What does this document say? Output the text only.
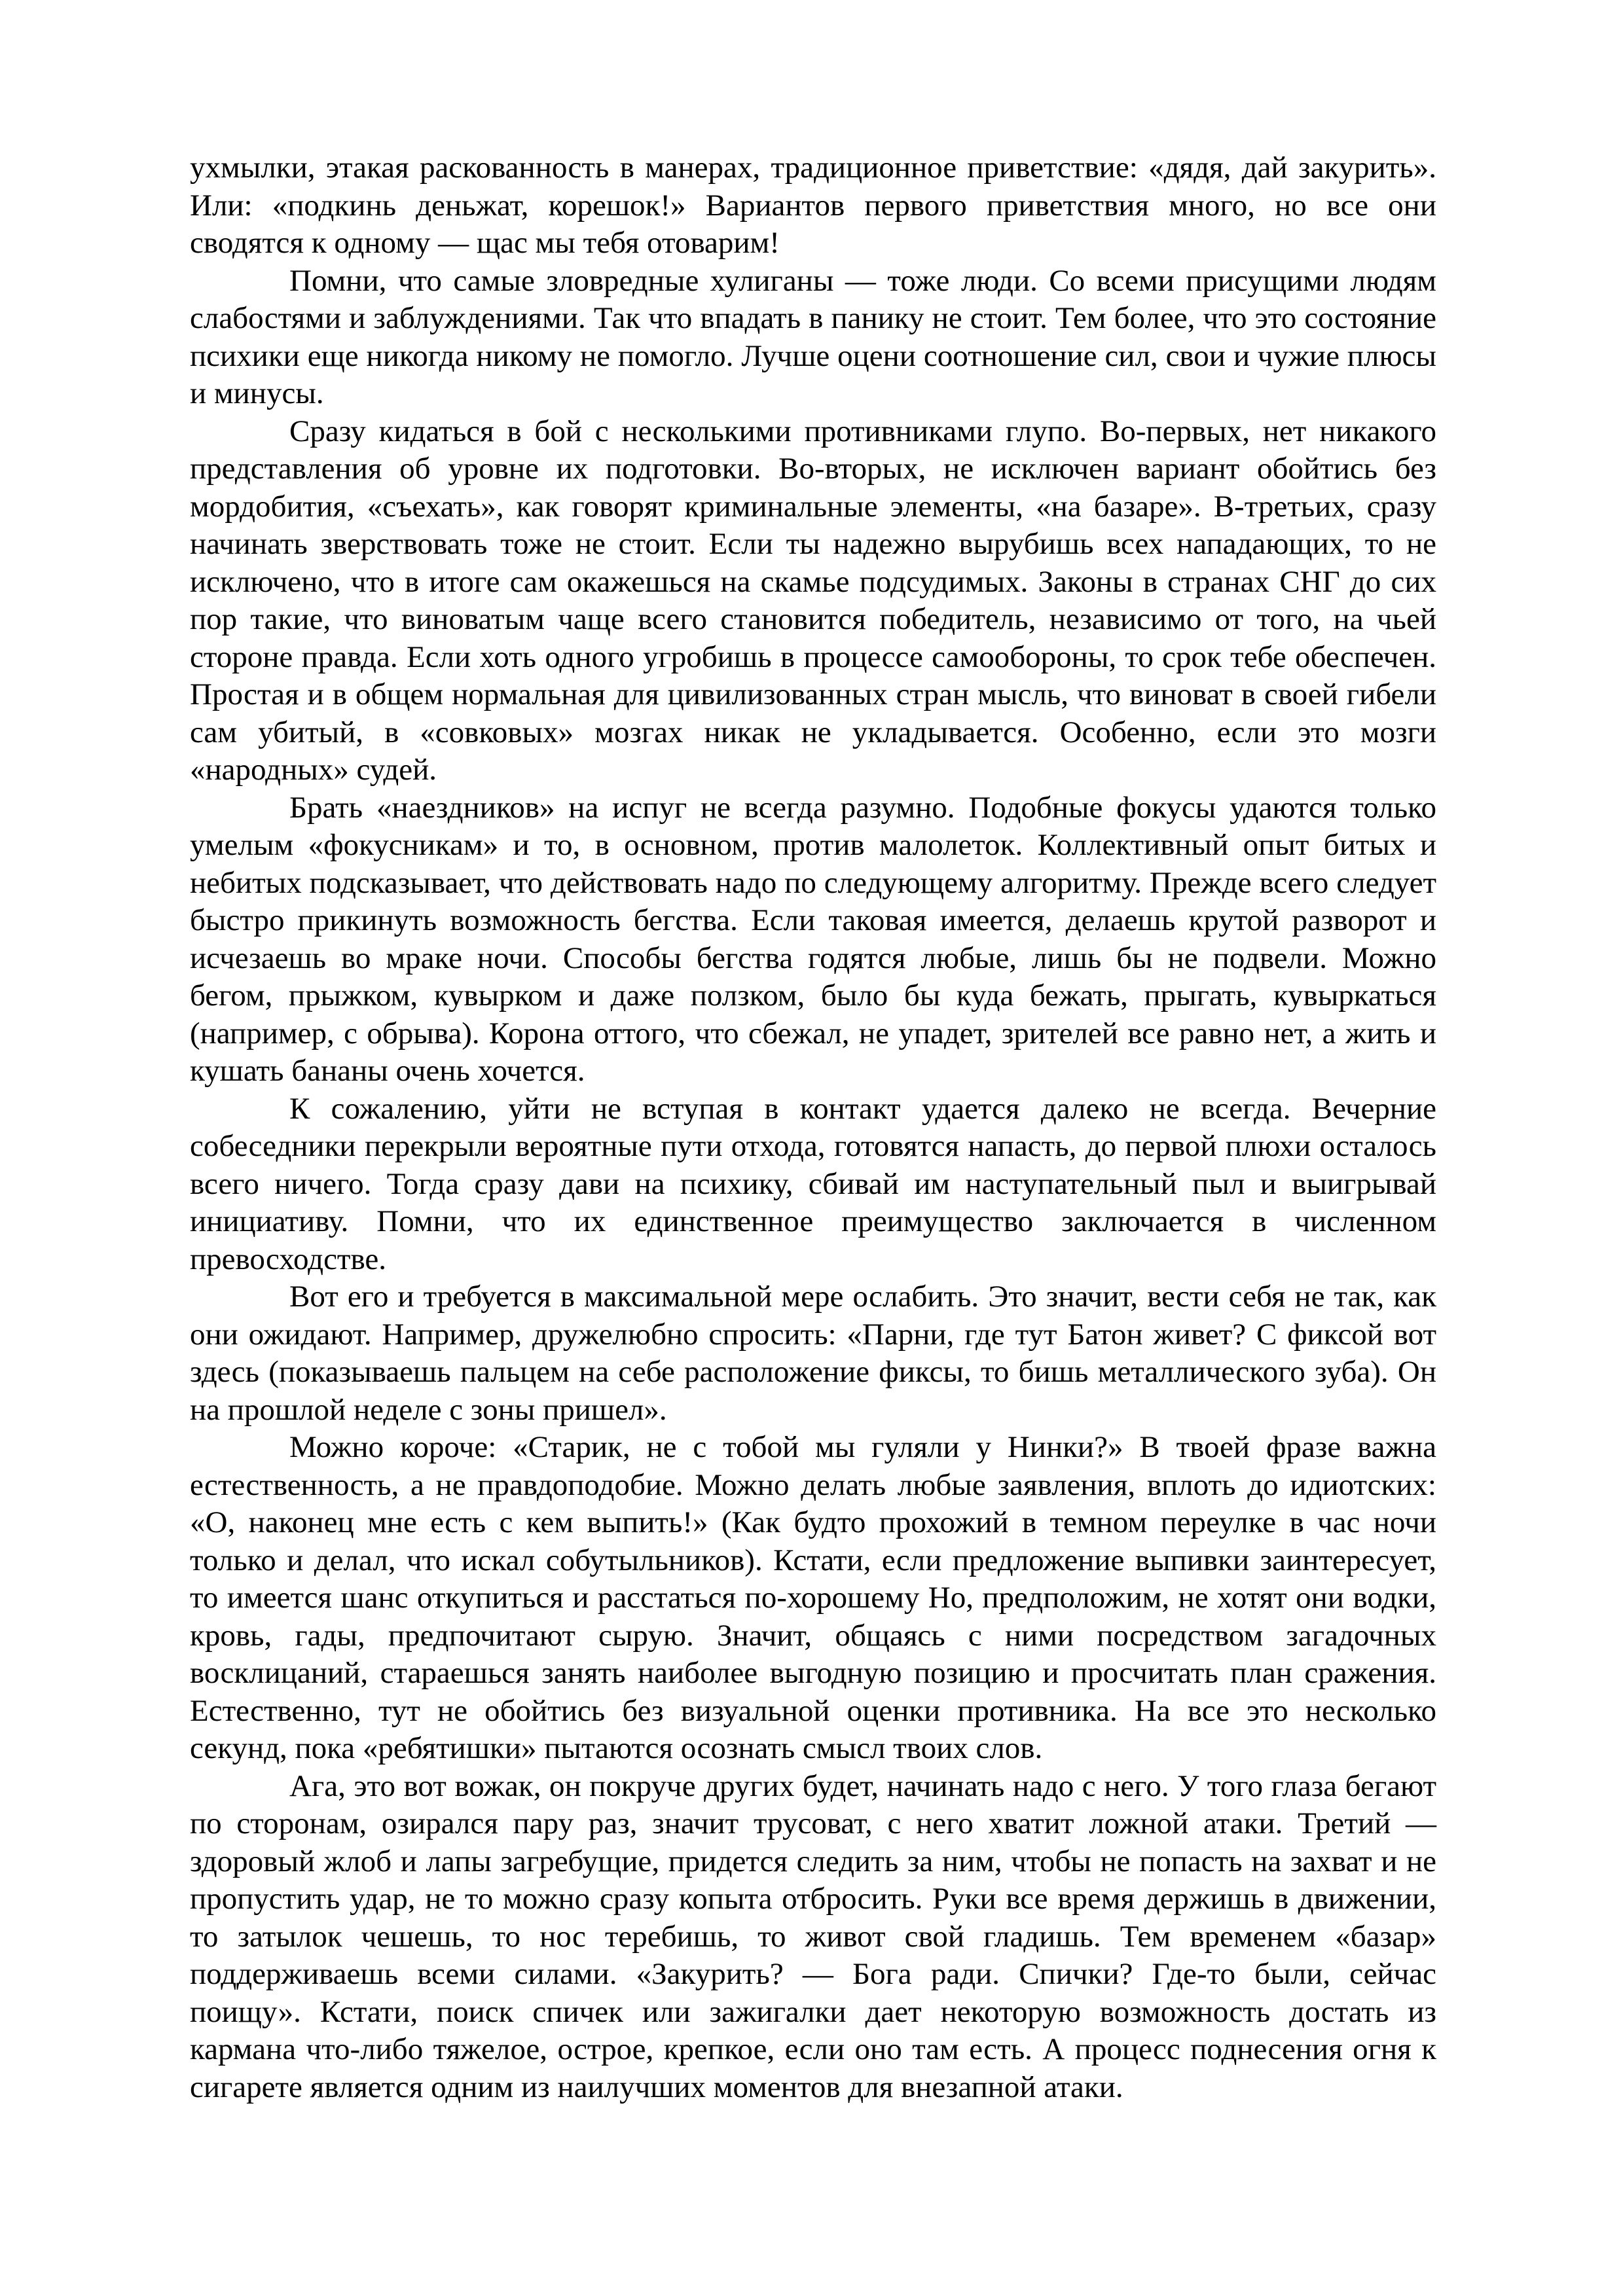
ухмылки, этакая раскованность в манерах, традиционное приветствие: «дядя, дай закурить». Или: «подкинь деньжат, корешок!» Вариантов первого приветствия много, но все они сводятся к одному — щас мы тебя отоварим!

Помни, что самые зловредные хулиганы — тоже люди. Со всеми присущими людям слабостями и заблуждениями. Так что впадать в панику не стоит. Тем более, что это состояние психики еще никогда никому не помогло. Лучше оцени соотношение сил, свои и чужие плюсы и минусы.

Сразу кидаться в бой с несколькими противниками глупо. Во-первых, нет никакого представления об уровне их подготовки. Во-вторых, не исключен вариант обойтись без мордобития, «съехать», как говорят криминальные элементы, «на базаре». В-третьих, сразу начинать зверствовать тоже не стоит. Если ты надежно вырубишь всех нападающих, то не исключено, что в итоге сам окажешься на скамье подсудимых. Законы в странах СНГ до сих пор такие, что виноватым чаще всего становится победитель, независимо от того, на чьей стороне правда. Если хоть одного угробишь в процессе самообороны, то срок тебе обеспечен. Простая и в общем нормальная для цивилизованных стран мысль, что виноват в своей гибели сам убитый, в «совковых» мозгах никак не укладывается. Особенно, если это мозги «народных» судей.

Брать «наездников» на испуг не всегда разумно. Подобные фокусы удаются только умелым «фокусникам» и то, в основном, против малолеток. Коллективный опыт битых и небитых подсказывает, что действовать надо по следующему алгоритму. Прежде всего следует быстро прикинуть возможность бегства. Если таковая имеется, делаешь крутой разворот и исчезаешь во мраке ночи. Способы бегства годятся любые, лишь бы не подвели. Можно бегом, прыжком, кувырком и даже ползком, было бы куда бежать, прыгать, кувыркаться (например, с обрыва). Корона оттого, что сбежал, не упадет, зрителей все равно нет, а жить и кушать бананы очень хочется.

К сожалению, уйти не вступая в контакт удается далеко не всегда. Вечерние собеседники перекрыли вероятные пути отхода, готовятся напасть, до первой плюхи осталось всего ничего. Тогда сразу дави на психику, сбивай им наступательный пыл и выигрывай инициативу. Помни, что их единственное преимущество заключается в численном превосходстве.

Вот его и требуется в максимальной мере ослабить. Это значит, вести себя не так, как они ожидают. Например, дружелюбно спросить: «Парни, где тут Батон живет? С фиксой вот здесь (показываешь пальцем на себе расположение фиксы, то бишь металлического зуба). Он на прошлой неделе с зоны пришел».

Можно короче: «Старик, не с тобой мы гуляли у Нинки?» В твоей фразе важна естественность, а не правдоподобие. Можно делать любые заявления, вплоть до идиотских: «О, наконец мне есть с кем выпить!» (Как будто прохожий в темном переулке в час ночи только и делал, что искал собутыльников). Кстати, если предложение выпивки заинтересует, то имеется шанс откупиться и расстаться по-хорошему Но, предположим, не хотят они водки, кровь, гады, предпочитают сырую. Значит, общаясь с ними посредством загадочных восклицаний, стараешься занять наиболее выгодную позицию и просчитать план сражения. Естественно, тут не обойтись без визуальной оценки противника. На все это несколько секунд, пока «ребятишки» пытаются осознать смысл твоих слов.

Ага, это вот вожак, он покруче других будет, начинать надо с него. У того глаза бегают по сторонам, озирался пару раз, значит трусоват, с него хватит ложной атаки. Третий — здоровый жлоб и лапы загребущие, придется следить за ним, чтобы не попасть на захват и не пропустить удар, не то можно сразу копыта отбросить. Руки все время держишь в движении, то затылок чешешь, то нос теребишь, то живот свой гладишь. Тем временем «базар» поддерживаешь всеми силами. «Закурить? — Бога ради. Спички? Где-то были, сейчас поищу». Кстати, поиск спичек или зажигалки дает некоторую возможность достать из кармана что-либо тяжелое, острое, крепкое, если оно там есть. А процесс поднесения огня к сигарете является одним из наилучших моментов для внезапной атаки.
